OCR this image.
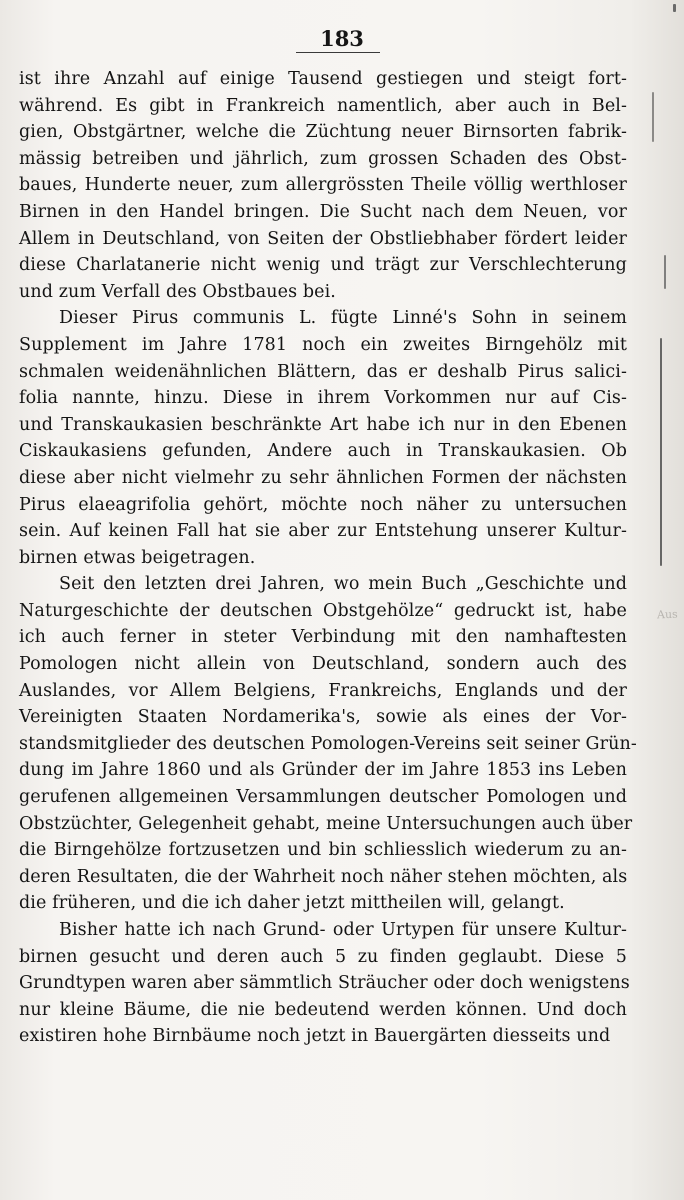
183

ist ihre Anzahl auf einige Tausend gestiegen und steigt fort-
während. Es gibt in Frankreich namentlich, aber auch in Bel-
gien, Obstgärtner, welche die Züchtung neuer Birnsorten fabrik-
mässig betreiben und jährlich, zum grossen Schaden des Obst-
baues, Hunderte neuer, zum allergrössten Theile völlig werthloser
Birnen in den Handel bringen. Die Sucht nach dem Neuen, vor
Allem in Deutschland, von Seiten der Obstliebhaber fördert leider
diese Charlatanerie nicht wenig und trägt zur Verschlechterung
und zum Verfall des Obstbaues bei.
Dieser Pirus communis L. fügte Linné's Sohn in seinem
Supplement im Jahre 1781 noch ein zweites Birngehölz mit
schmalen weidenähnlichen Blättern, das er deshalb Pirus salici-
folia nannte, hinzu. Diese in ihrem Vorkommen nur auf Cis-
und Transkaukasien beschränkte Art habe ich nur in den Ebenen
Ciskaukasiens gefunden, Andere auch in Transkaukasien. Ob
diese aber nicht vielmehr zu sehr ähnlichen Formen der nächsten
Pirus elaeagrifolia gehört, möchte noch näher zu untersuchen
sein. Auf keinen Fall hat sie aber zur Entstehung unserer Kultur-
birnen etwas beigetragen.
Seit den letzten drei Jahren, wo mein Buch „Geschichte und
Naturgeschichte der deutschen Obstgehölze“ gedruckt ist, habe
ich auch ferner in steter Verbindung mit den namhaftesten
Pomologen nicht allein von Deutschland, sondern auch des
Auslandes, vor Allem Belgiens, Frankreichs, Englands und der
Vereinigten Staaten Nordamerika's, sowie als eines der Vor-
standsmitglieder des deutschen Pomologen-Vereins seit seiner Grün-
dung im Jahre 1860 und als Gründer der im Jahre 1853 ins Leben
gerufenen allgemeinen Versammlungen deutscher Pomologen und
Obstzüchter, Gelegenheit gehabt, meine Untersuchungen auch über
die Birngehölze fortzusetzen und bin schliesslich wiederum zu an-
deren Resultaten, die der Wahrheit noch näher stehen möchten, als
die früheren, und die ich daher jetzt mittheilen will, gelangt.
Bisher hatte ich nach Grund- oder Urtypen für unsere Kultur-
birnen gesucht und deren auch 5 zu finden geglaubt. Diese 5
Grundtypen waren aber sämmtlich Sträucher oder doch wenigstens
nur kleine Bäume, die nie bedeutend werden können. Und doch
existiren hohe Birnbäume noch jetzt in Bauergärten diesseits und
Aus
